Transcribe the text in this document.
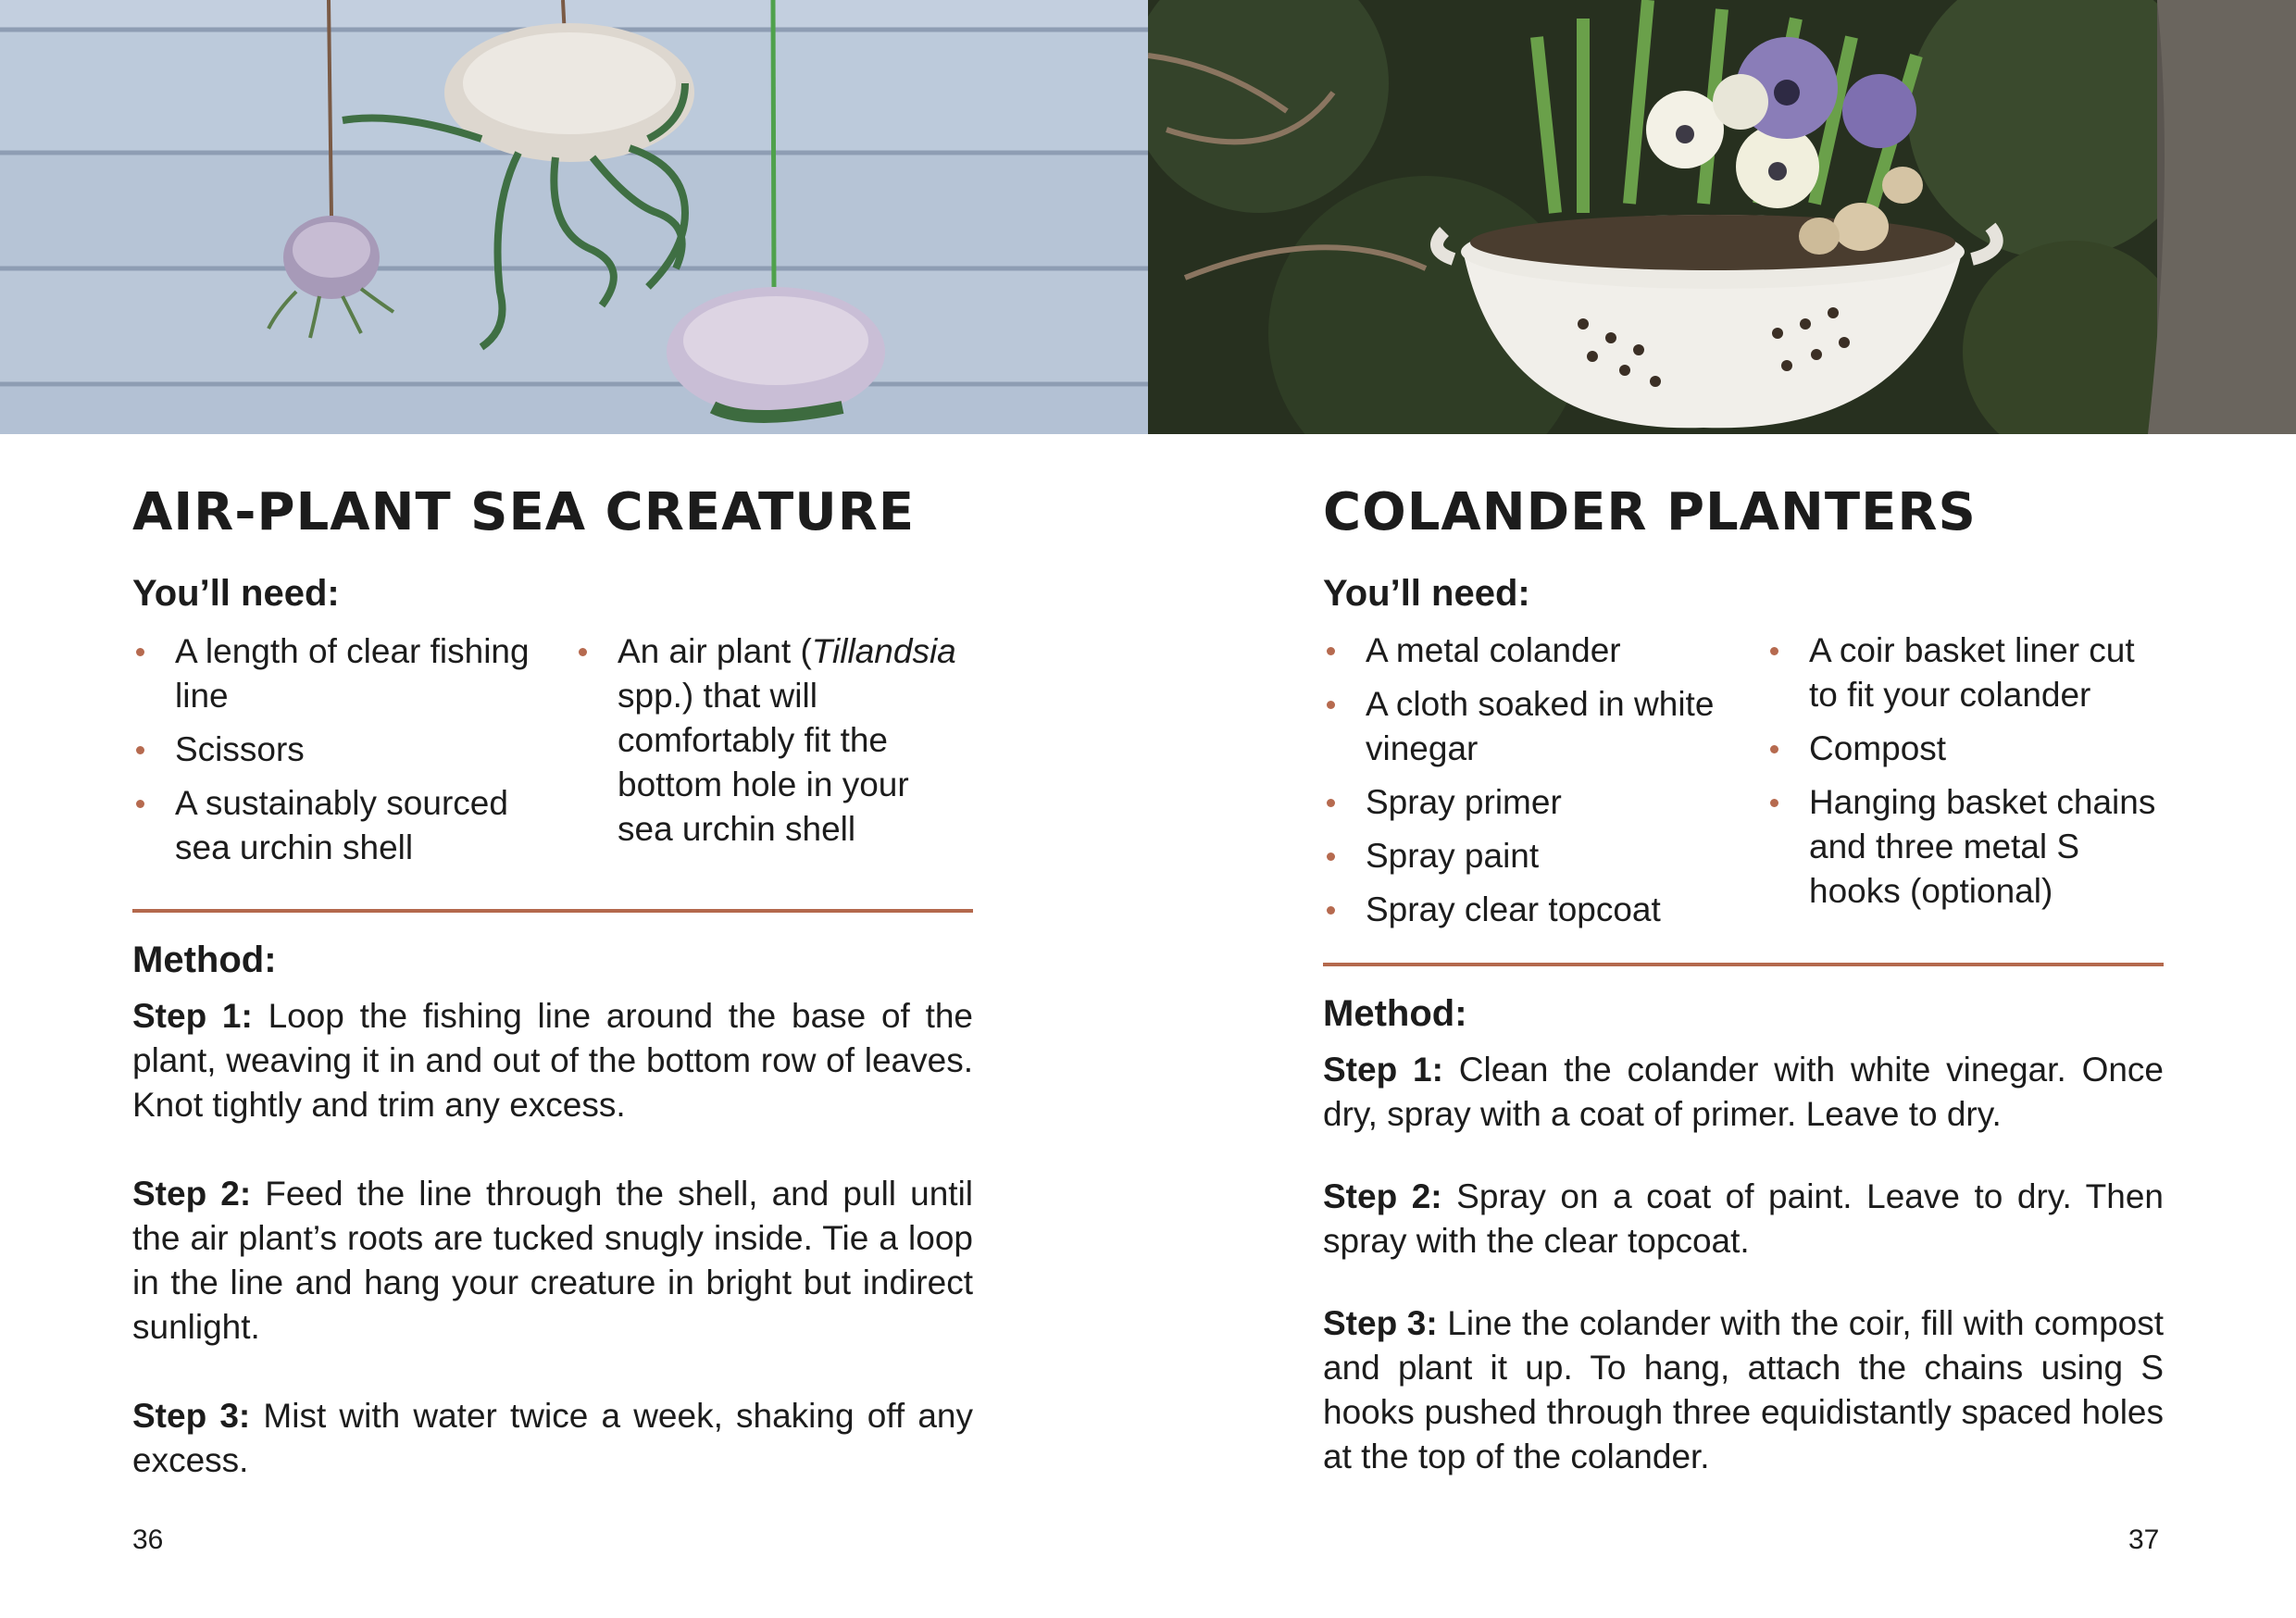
AIR-PLANT SEA CREATURE
You’ll need:
A length of clear fishing line
Scissors
A sustainably sourced sea urchin shell
An air plant (Tillandsia spp.) that will comfortably fit the bottom hole in your sea urchin shell
Method:

Step 1: Loop the fishing line around the base of the plant, weaving it in and out of the bottom row of leaves. Knot tightly and trim any excess.

Step 2: Feed the line through the shell, and pull until the air plant’s roots are tucked snugly inside. Tie a loop in the line and hang your creature in bright but indirect sunlight.

Step 3: Mist with water twice a week, shaking off any excess.

36
COLANDER PLANTERS
You’ll need:
A metal colander
A cloth soaked in white vinegar
Spray primer
Spray paint
Spray clear topcoat
A coir basket liner cut to fit your colander
Compost
Hanging basket chains and three metal S hooks (optional)
Method:

Step 1: Clean the colander with white vinegar. Once dry, spray with a coat of primer. Leave to dry.

Step 2: Spray on a coat of paint. Leave to dry. Then spray with the clear topcoat.

Step 3: Line the colander with the coir, fill with compost and plant it up. To hang, attach the chains using S hooks pushed through three equidistantly spaced holes at the top of the colander.

37
